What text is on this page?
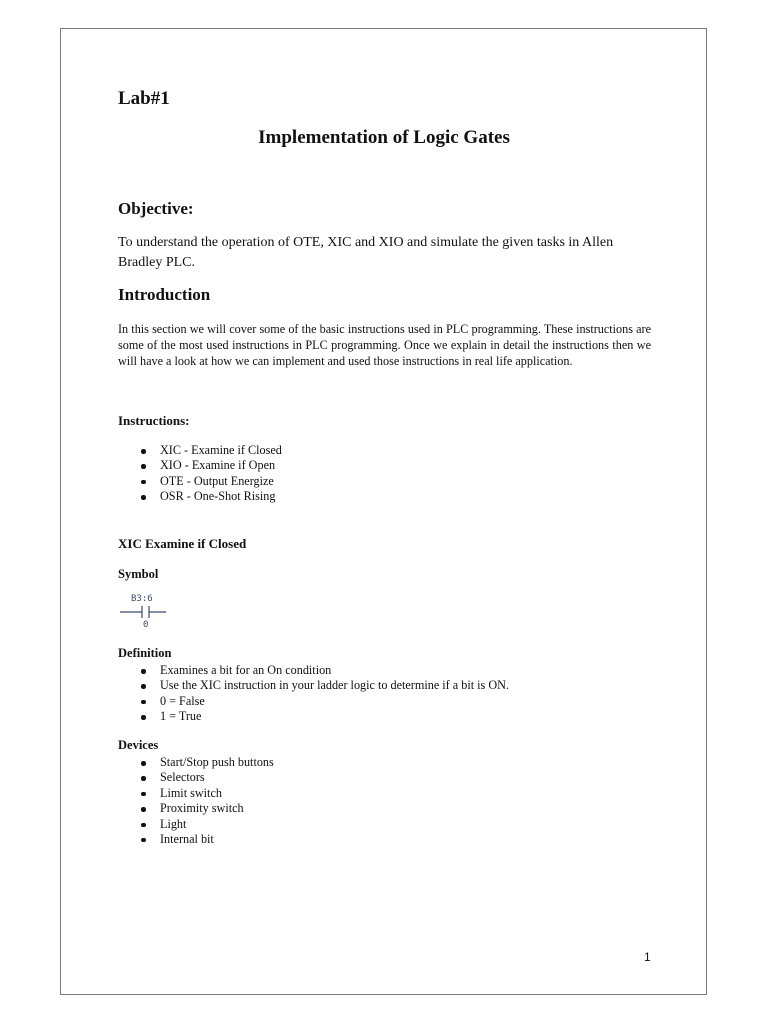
Lab#1
Implementation of Logic Gates
Objective:

To understand the operation of OTE, XIC and XIO and simulate the given tasks in Allen Bradley PLC.

Introduction

In this section we will cover some of the basic instructions used in PLC programming. These instructions are some of the most used instructions in PLC programming. Once we explain in detail the instructions then we will have a look at how we can implement and used those instructions in real life application.

Instructions:
XIC - Examine if Closed
XIO - Examine if Open
OTE - Output Energize
OSR - One-Shot Rising
XIC Examine if Closed
Symbol
B3:6
0
Definition
Examines a bit for an On condition
Use the XIC instruction in your ladder logic to determine if a bit is ON.
0 = False
1 = True
Devices
Start/Stop push buttons
Selectors
Limit switch
Proximity switch
Light
Internal bit
1
